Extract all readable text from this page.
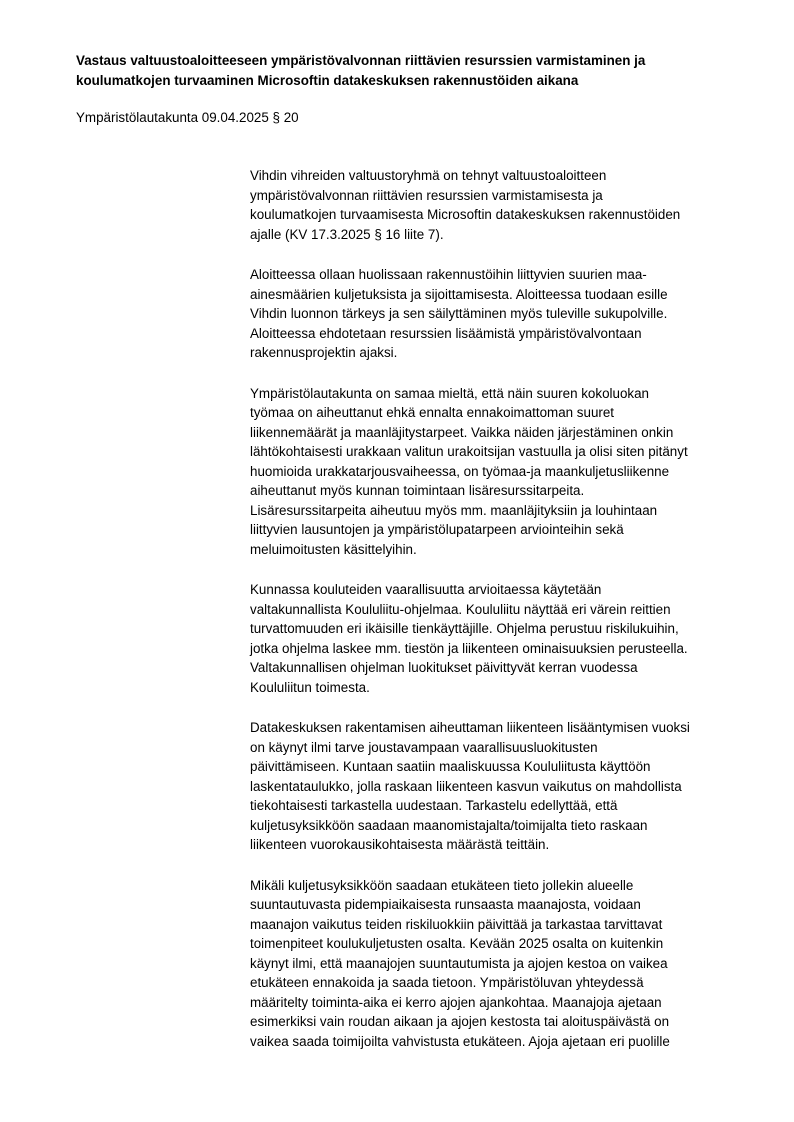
Vastaus valtuustoaloitteeseen ympäristövalvonnan riittävien resurssien varmistaminen ja
koulumatkojen turvaaminen Microsoftin datakeskuksen rakennustöiden aikana

Ympäristölautakunta 09.04.2025 § 20

Vihdin vihreiden valtuustoryhmä on tehnyt valtuustoaloitteen
ympäristövalvonnan riittävien resurssien varmistamisesta ja
koulumatkojen turvaamisesta Microsoftin datakeskuksen rakennustöiden
ajalle (KV 17.3.2025 § 16 liite 7).

Aloitteessa ollaan huolissaan rakennustöihin liittyvien suurien maa-
ainesmäärien kuljetuksista ja sijoittamisesta. Aloitteessa tuodaan esille
Vihdin luonnon tärkeys ja sen säilyttäminen myös tuleville sukupolville.
Aloitteessa ehdotetaan resurssien lisäämistä ympäristövalvontaan
rakennusprojektin ajaksi.

Ympäristölautakunta on samaa mieltä, että näin suuren kokoluokan
työmaa on aiheuttanut ehkä ennalta ennakoimattoman suuret
liikennemäärät ja maanläjitystarpeet. Vaikka näiden järjestäminen onkin
lähtökohtaisesti urakkaan valitun urakoitsijan vastuulla ja olisi siten pitänyt
huomioida urakkatarjousvaiheessa, on työmaa-ja maankuljetusliikenne
aiheuttanut myös kunnan toimintaan lisäresurssitarpeita.
Lisäresurssitarpeita aiheutuu myös mm. maanläjityksiin ja louhintaan
liittyvien lausuntojen ja ympäristölupatarpeen arviointeihin sekä
meluimoitusten käsittelyihin.

Kunnassa kouluteiden vaarallisuutta arvioitaessa käytetään
valtakunnallista Koululiitu-ohjelmaa. Koululiitu näyttää eri värein reittien
turvattomuuden eri ikäisille tienkäyttäjille. Ohjelma perustuu riskilukuihin,
jotka ohjelma laskee mm. tiestön ja liikenteen ominaisuuksien perusteella.
Valtakunnallisen ohjelman luokitukset päivittyvät kerran vuodessa
Koululiitun toimesta.

Datakeskuksen rakentamisen aiheuttaman liikenteen lisääntymisen vuoksi
on käynyt ilmi tarve joustavampaan vaarallisuusluokitusten
päivittämiseen. Kuntaan saatiin maaliskuussa Koululiitusta käyttöön
laskentataulukko, jolla raskaan liikenteen kasvun vaikutus on mahdollista
tiekohtaisesti tarkastella uudestaan. Tarkastelu edellyttää, että
kuljetusyksikköön saadaan maanomistajalta/toimijalta tieto raskaan
liikenteen vuorokausikohtaisesta määrästä teittäin.

Mikäli kuljetusyksikköön saadaan etukäteen tieto jollekin alueelle
suuntautuvasta pidempiaikaisesta runsaasta maanajosta, voidaan
maanajon vaikutus teiden riskiluokkiin päivittää ja tarkastaa tarvittavat
toimenpiteet koulukuljetusten osalta. Kevään 2025 osalta on kuitenkin
käynyt ilmi, että maanajojen suuntautumista ja ajojen kestoa on vaikea
etukäteen ennakoida ja saada tietoon. Ympäristöluvan yhteydessä
määritelty toiminta-aika ei kerro ajojen ajankohtaa. Maanajoja ajetaan
esimerkiksi vain roudan aikaan ja ajojen kestosta tai aloituspäivästä on
vaikea saada toimijoilta vahvistusta etukäteen. Ajoja ajetaan eri puolille
